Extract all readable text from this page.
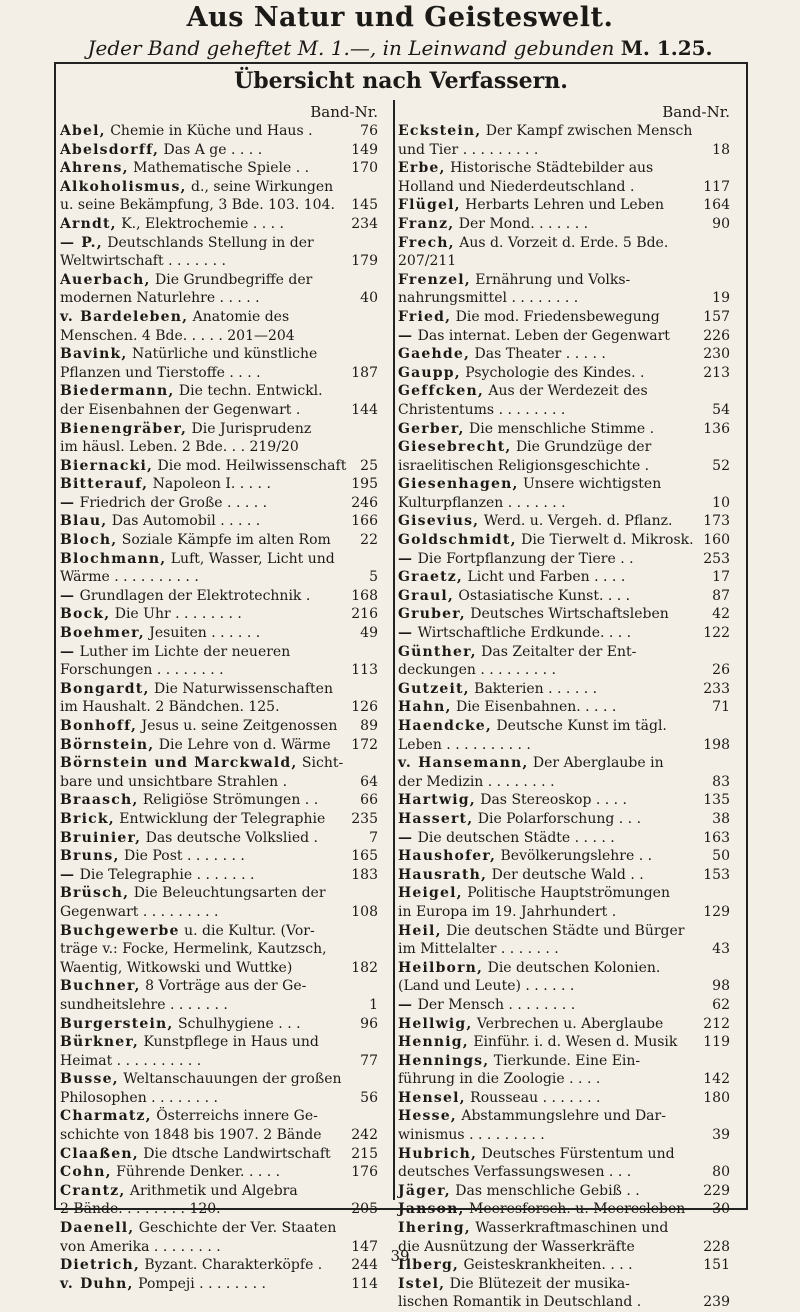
Aus Natur und Geisteswelt.
Jeder Band geheftet M. 1.—, in Leinwand gebunden M. 1.25.
Übersicht nach Verfassern.
Band-Nr.
76
Abel, Chemie in Küche und Haus .
149
Abelsdorff, Das A ge . . . .
170
Ahrens, Mathematische Spiele . .
Alkoholismus, d., seine Wirkungen
145
u. seine Bekämpfung, 3 Bde. 103. 104.
234
Arndt, K., Elektrochemie . . . .
— P., Deutschlands Stellung in der
179
Weltwirtschaft . . . . . . .
Auerbach, Die Grundbegriffe der
40
modernen Naturlehre . . . . .
v. Bardeleben, Anatomie des
Menschen. 4 Bde. . . . . 201—204
Bavink, Natürliche und künstliche
187
Pflanzen und Tierstoffe . . . .
Biedermann, Die techn. Entwickl.
144
der Eisenbahnen der Gegenwart .
Bienengräber, Die Jurisprudenz
im häusl. Leben. 2 Bde. . . 219/20
25
Biernacki, Die mod. Heilwissenschaft
195
Bitterauf, Napoleon I. . . . .
246
— Friedrich der Große . . . . .
166
Blau, Das Automobil . . . . .
22
Bloch, Soziale Kämpfe im alten Rom
Blochmann, Luft, Wasser, Licht und
5
Wärme . . . . . . . . . .
168
— Grundlagen der Elektrotechnik .
216
Bock, Die Uhr . . . . . . . .
49
Boehmer, Jesuiten . . . . . .
— Luther im Lichte der neueren
113
Forschungen . . . . . . . .
Bongardt, Die Naturwissenschaften
126
im Haushalt. 2 Bändchen. 125.
89
Bonhoff, Jesus u. seine Zeitgenossen
172
Börnstein, Die Lehre von d. Wärme
Börnstein und Marckwald, Sicht-
64
bare und unsichtbare Strahlen .
66
Braasch, Religiöse Strömungen . .
235
Brick, Entwicklung der Telegraphie
7
Bruinier, Das deutsche Volkslied .
165
Bruns, Die Post . . . . . . .
183
— Die Telegraphie . . . . . . .
Brüsch, Die Beleuchtungsarten der
108
Gegenwart . . . . . . . . .
Buchgewerbe u. die Kultur. (Vor-
träge v.: Focke, Hermelink, Kautzsch,
182
Waentig, Witkowski und Wuttke)
Buchner, 8 Vorträge aus der Ge-
1
sundheitslehre . . . . . . .
96
Burgerstein, Schulhygiene . . .
Bürkner, Kunstpflege in Haus und
77
Heimat . . . . . . . . . .
Busse, Weltanschauungen der großen
56
Philosophen . . . . . . . .
Charmatz, Österreichs innere Ge-
242
schichte von 1848 bis 1907. 2 Bände
215
Claaßen, Die dtsche Landwirtschaft
176
Cohn, Führende Denker. . . . .
Crantz, Arithmetik und Algebra
205
2 Bände. . . . . . . . 120.
Daenell, Geschichte der Ver. Staaten
147
von Amerika . . . . . . . .
244
Dietrich, Byzant. Charakterköpfe .
114
v. Duhn, Pompeji . . . . . . . .
Band-Nr.
Eckstein, Der Kampf zwischen Mensch
18
und Tier . . . . . . . . .
Erbe, Historische Städtebilder aus
117
Holland und Niederdeutschland .
164
Flügel, Herbarts Lehren und Leben
90
Franz, Der Mond. . . . . . .
Frech, Aus d. Vorzeit d. Erde. 5 Bde. 207/211
Frenzel, Ernährung und Volks-
19
nahrungsmittel . . . . . . . .
157
Fried, Die mod. Friedensbewegung
226
— Das internat. Leben der Gegenwart
230
Gaehde, Das Theater . . . . .
213
Gaupp, Psychologie des Kindes. .
Geffcken, Aus der Werdezeit des
54
Christentums . . . . . . . .
136
Gerber, Die menschliche Stimme .
Giesebrecht, Die Grundzüge der
52
israelitischen Religionsgeschichte .
Giesenhagen, Unsere wichtigsten
10
Kulturpflanzen . . . . . . .
173
Gisevius, Werd. u. Vergeh. d. Pflanz.
160
Goldschmidt, Die Tierwelt d. Mikrosk.
253
— Die Fortpflanzung der Tiere . .
17
Graetz, Licht und Farben . . . .
87
Graul, Ostasiatische Kunst. . . .
42
Gruber, Deutsches Wirtschaftsleben
122
— Wirtschaftliche Erdkunde. . . .
Günther, Das Zeitalter der Ent-
26
deckungen . . . . . . . . .
233
Gutzeit, Bakterien . . . . . .
71
Hahn, Die Eisenbahnen. . . . .
Haendcke, Deutsche Kunst im tägl.
198
Leben . . . . . . . . . .
v. Hansemann, Der Aberglaube in
83
der Medizin . . . . . . . .
135
Hartwig, Das Stereoskop . . . .
38
Hassert, Die Polarforschung . . .
163
— Die deutschen Städte . . . . .
50
Haushofer, Bevölkerungslehre . .
153
Hausrath, Der deutsche Wald . .
Heigel, Politische Hauptströmungen
129
in Europa im 19. Jahrhundert .
Heil, Die deutschen Städte und Bürger
43
im Mittelalter . . . . . . .
Heilborn, Die deutschen Kolonien.
98
(Land und Leute) . . . . . .
62
— Der Mensch . . . . . . . .
212
Hellwig, Verbrechen u. Aberglaube
119
Hennig, Einführ. i. d. Wesen d. Musik
Hennings, Tierkunde. Eine Ein-
142
führung in die Zoologie . . . .
180
Hensel, Rousseau . . . . . . .
Hesse, Abstammungslehre und Dar-
39
winismus . . . . . . . . .
Hubrich, Deutsches Fürstentum und
80
deutsches Verfassungswesen . . .
229
Jäger, Das menschliche Gebiß . .
30
Janson, Meeresforsch. u. Meeresleben
Ihering, Wasserkraftmaschinen und
228
die Ausnützung der Wasserkräfte
151
Ilberg, Geisteskrankheiten. . . .
Istel, Die Blütezeit der musika-
239
lischen Romantik in Deutschland .
39
